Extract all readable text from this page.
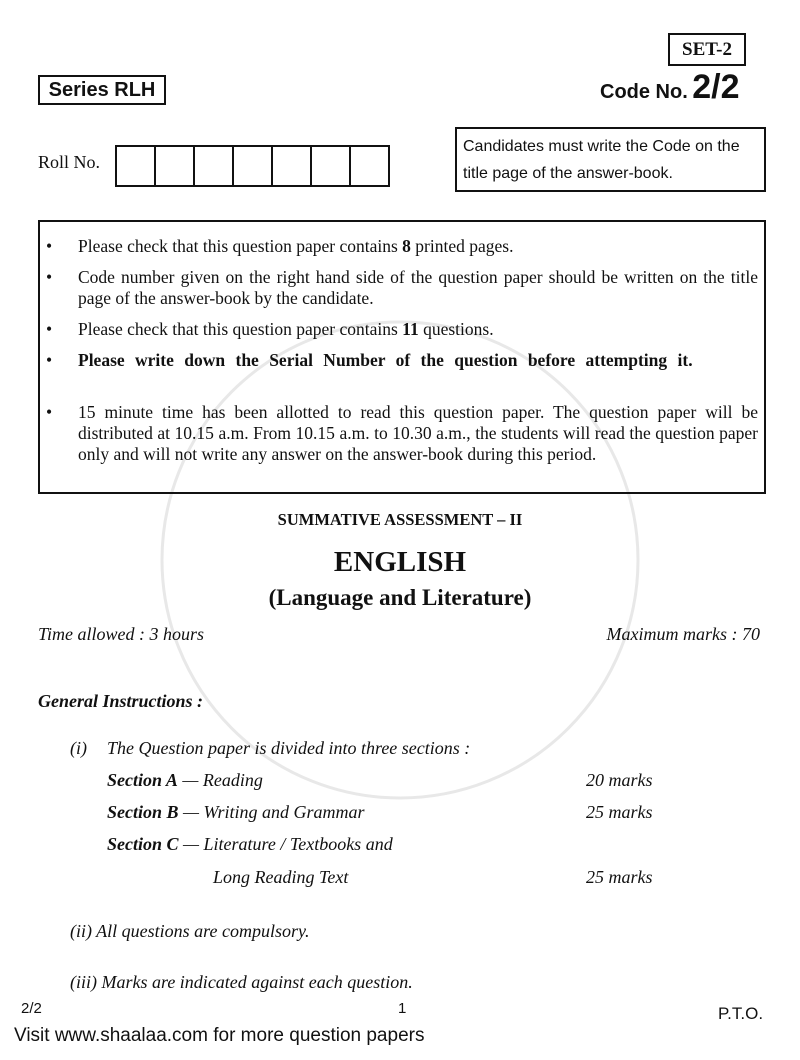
SET-2
Series RLH	Code No. 2/2
Roll No.
Candidates must write the Code on the
title page of the answer-book.
• Please check that this question paper contains 8 printed pages.
• Code number given on the right hand side of the question paper should be written on the title page of the answer-book by the candidate.
• Please check that this question paper contains 11 questions.
• Please write down the Serial Number of the question before attempting it.
• 15 minute time has been allotted to read this question paper. The question paper will be distributed at 10.15 a.m. From 10.15 a.m. to 10.30 a.m., the students will read the question paper only and will not write any answer on the answer-book during this period.
SUMMATIVE ASSESSMENT – II
ENGLISH
(Language and Literature)
Time allowed : 3 hours	Maximum marks : 70
General Instructions :
(i) The Question paper is divided into three sections :
Section A — Reading	20 marks
Section B — Writing and Grammar	25 marks
Section C — Literature / Textbooks and
Long Reading Text	25 marks
(ii) All questions are compulsory.
(iii) Marks are indicated against each question.
2/2	1	P.T.O.
Visit www.shaalaa.com for more question papers
